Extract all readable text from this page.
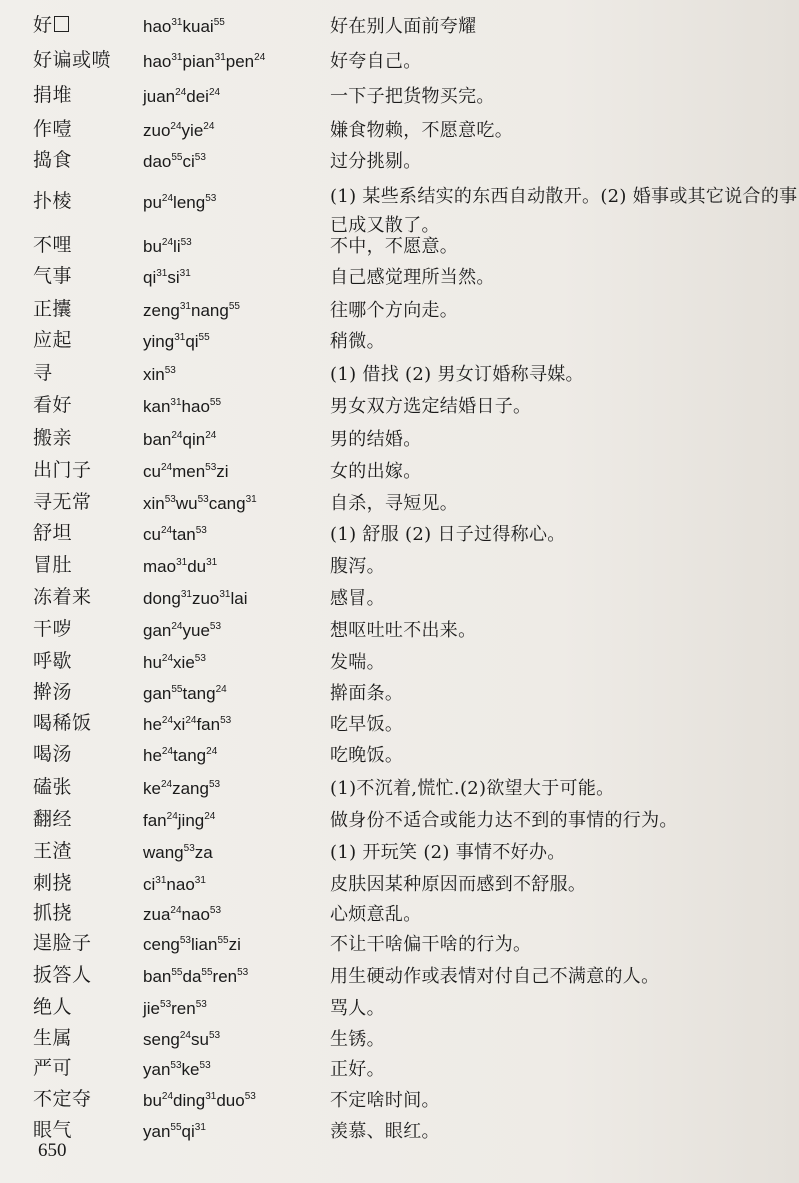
好	hao$^{31}$kuai$^{55}$	好在别人面前夸耀
好谝或喷 hao$^{31}$pian$^{31}$pen$^{24}$	好夸自己。
捐堆	juan$^{24}$dei$^{24}$	一下子把货物买完。
作噎	zuo$^{24}$yie$^{24}$	嫌食物赖，不愿意吃。
捣食	$dao^{55}ci^{53}$	过分挑剔。
扑棱	$pu^{24}leng^{53}$	(1) 某些系结实的东西自动散开。(2) 婚事或其它说合的事已成又散了。
不哩	$bu^{24}li^{53}$	不中，不愿意。
气事	$qi^{31}si^{31}$	自己感觉理所当然。
正攮	zeng$^{31}$nang$^{55}$	往哪个方向走。
应起	$ying^{31}qi^{55}$	稍微。
寻	xin$^{53}$	(1) 借找 (2) 男女订婚称寻媒。
看好	kan$^{31}$hao$^{55}$	男女双方选定结婚日子。
搬亲	ban$^{24}$qin$^{24}$	男的结婚。
出门子	$cu^{24}men^{53}zi$	女的出嫁。
寻无常	$xin^{53}wu^{53}cang^{31}$	自杀，寻短见。
舒坦	$cu^{24}\tan^{53}$	(1) 舒服 (2) 日子过得称心。
冒肚	$mao^{31}du^{31}$	腹泻。
冻着来	dong$^{31}$zuo$^{31}$lai	感冒。
干哕	gan$^{24}$yue$^{53}$	想呕吐吐不出来。
呼歇	$hu^{24}xie^{53}$	发喘。
擀汤	gan$^{55}$tang$^{24}$	擀面条。
喝稀饭	$he^{24}xi^{24}fan^{53}$	吃早饭。
喝汤	$he^{24}\tan g^{24}$	吃晚饭。
磕张	$ke^{24}zang^{53}$	(1)不沉着,慌忙.(2)欲望大于可能。
翻经	fan$^{24}$jing$^{24}$	做身份不适合或能力达不到的事情的行为。
王渣	wang$^{53}$za	(1) 开玩笑 (2) 事情不好办。
刺挠	$ci^{31}nao^{31}$	皮肤因某种原因而感到不舒服。
抓挠	zua$^{24}$nao$^{53}$	心烦意乱。
逞脸子	ceng$^{53}$lian$^{55}$zi	不让干啥偏干啥的行为。
扳答人	$ban^{55}da^{55}ren^{53}$	用生硬动作或表情对付自己不满意的人。
绝人	jie$^{53}$ren$^{53}$	骂人。
生属	$seng^{24}su^{53}$	生锈。
严可	$yan^{53}ke^{53}$	正好。
不定夺	$bu^{24}ding^{31}duo^{53}$	不定啥时间。
眼气	$yan^{55}qi^{31}$	羡慕、眼红。
650
